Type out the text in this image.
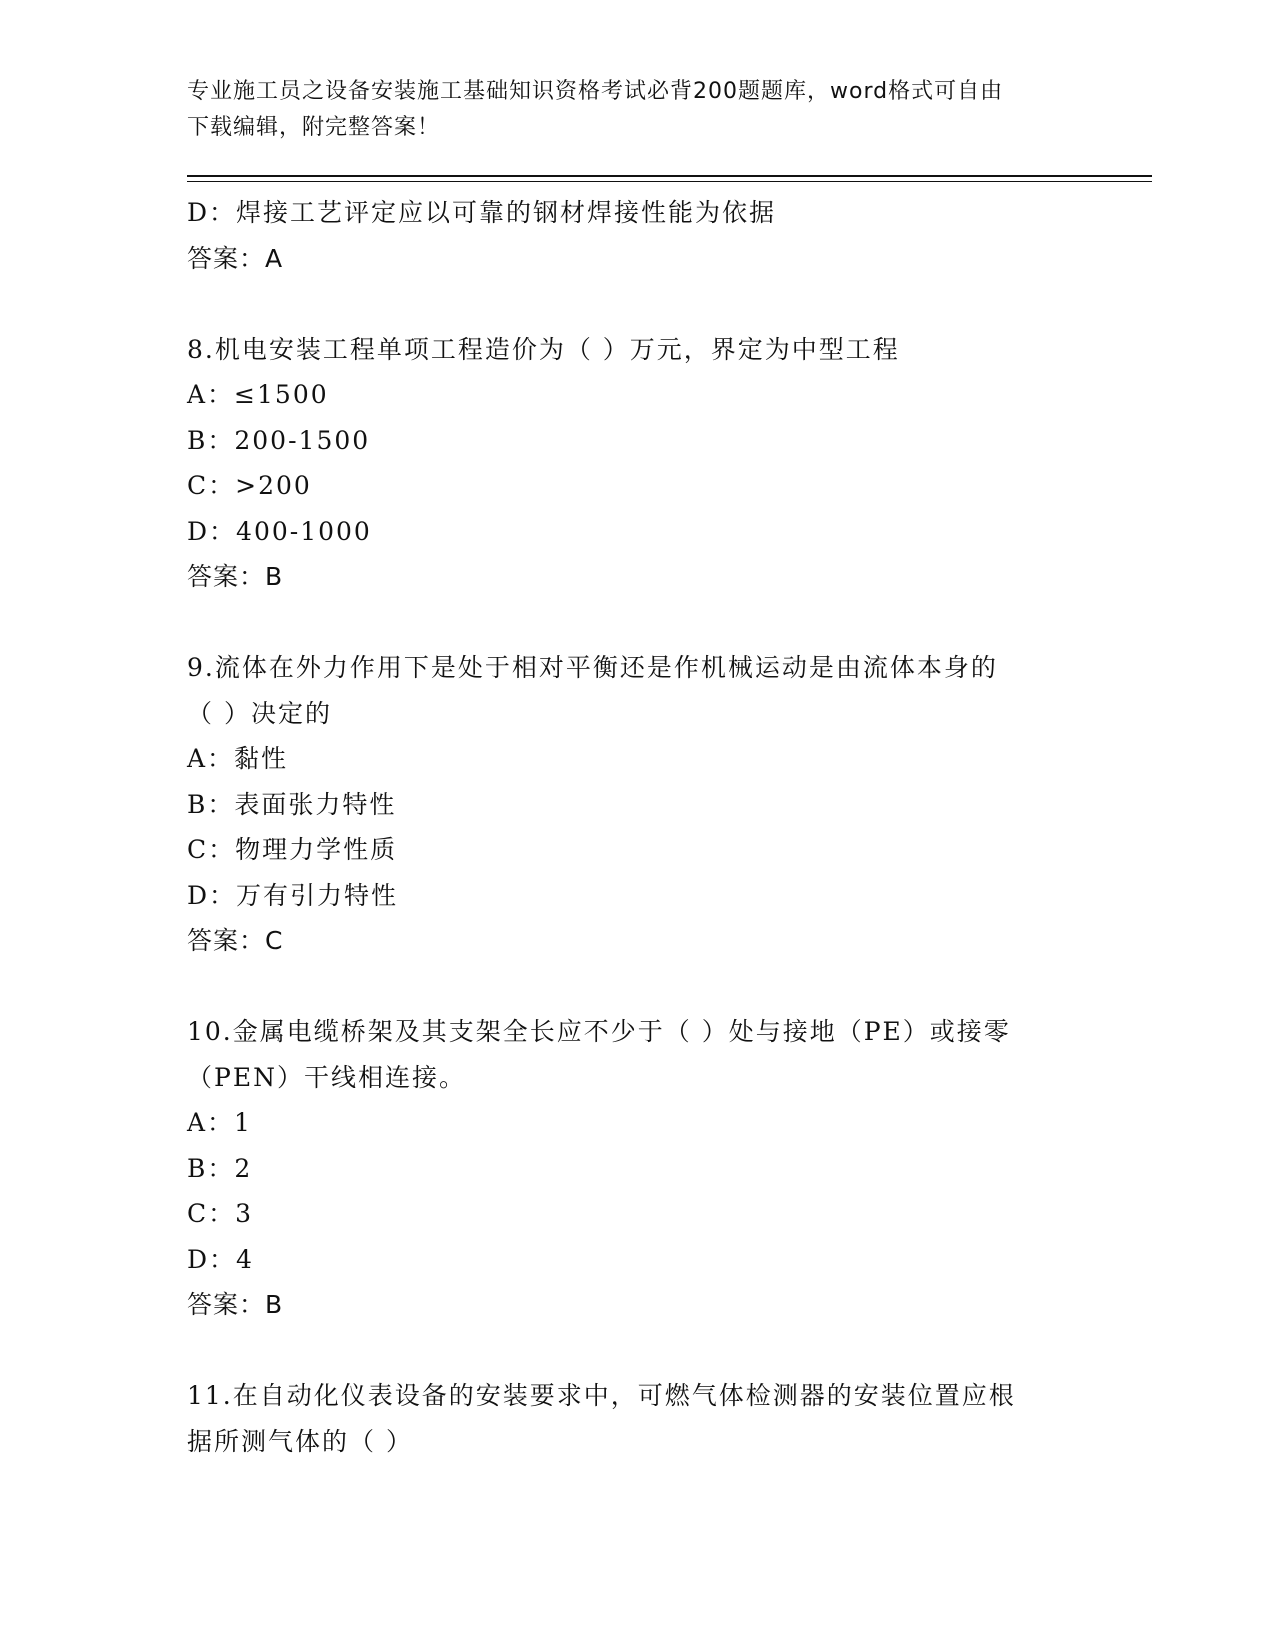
专业施工员之设备安装施工基础知识资格考试必背200题题库，word格式可自由
下载编辑，附完整答案！
D：焊接工艺评定应以可靠的钢材焊接性能为依据
答案：A
8.机电安装工程单项工程造价为（ ）万元，界定为中型工程
A：≤1500
B：200-1500
C：>200
D：400-1000
答案：B
9.流体在外力作用下是处于相对平衡还是作机械运动是由流体本身的
（ ）决定的
A：黏性
B：表面张力特性
C：物理力学性质
D：万有引力特性
答案：C
10.金属电缆桥架及其支架全长应不少于（ ）处与接地（PE）或接零
（PEN）干线相连接。
A：1
B：2
C：3
D：4
答案：B
11.在自动化仪表设备的安装要求中，可燃气体检测器的安装位置应根
据所测气体的（ ）
